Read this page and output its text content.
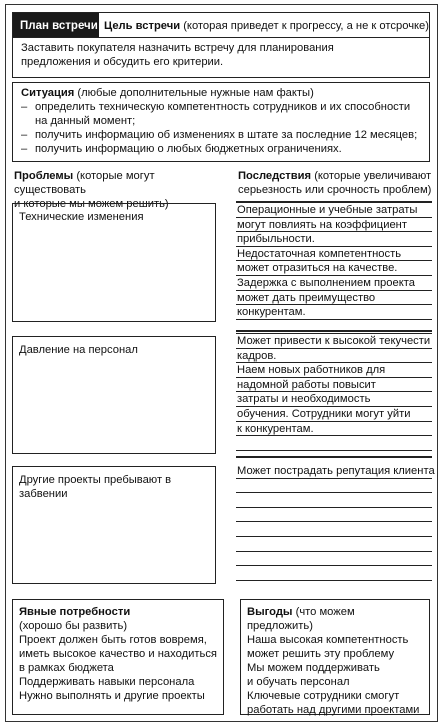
План встречи Цель встречи (которая приведет к прогрессу, а не к отсрочке)
Заставить покупателя назначить встречу для планирования
предложения и обсудить его критерии.
Ситуация (любые дополнительные нужные нам факты)
– определить техническую компетентность сотрудников и их способности
на данный момент;
– получить информацию об изменениях в штате за последние 12 месяцев;
– получить информацию о любых бюджетных ограничениях.
Проблемы (которые могут существовать
и которые мы можем решить)
Последствия (которые увеличивают
серьезность или срочность проблем)
Технические изменения
Давление на персонал
Другие проекты пребывают в забвении
Операционные и учебные затраты
могут повлиять на коэффициент
прибыльности.
Недостаточная компетентность
может отразиться на качестве.
Задержка с выполнением проекта
может дать преимущество
конкурентам.
Может привести к высокой текучести
кадров.
Наем новых работников для
надомной работы повысит
затраты и необходимость
обучения. Сотрудники могут уйти
к конкурентам.
Может пострадать репутация клиента
Явные потребности
(хорошо бы развить)
Проект должен быть готов вовремя,
иметь высокое качество и находиться
в рамках бюджета
Поддерживать навыки персонала
Нужно выполнять и другие проекты
Выгоды (что можем предложить)
Наша высокая компетентность
может решить эту проблему
Мы можем поддерживать
и обучать персонал
Ключевые сотрудники смогут
работать над другими проектами
